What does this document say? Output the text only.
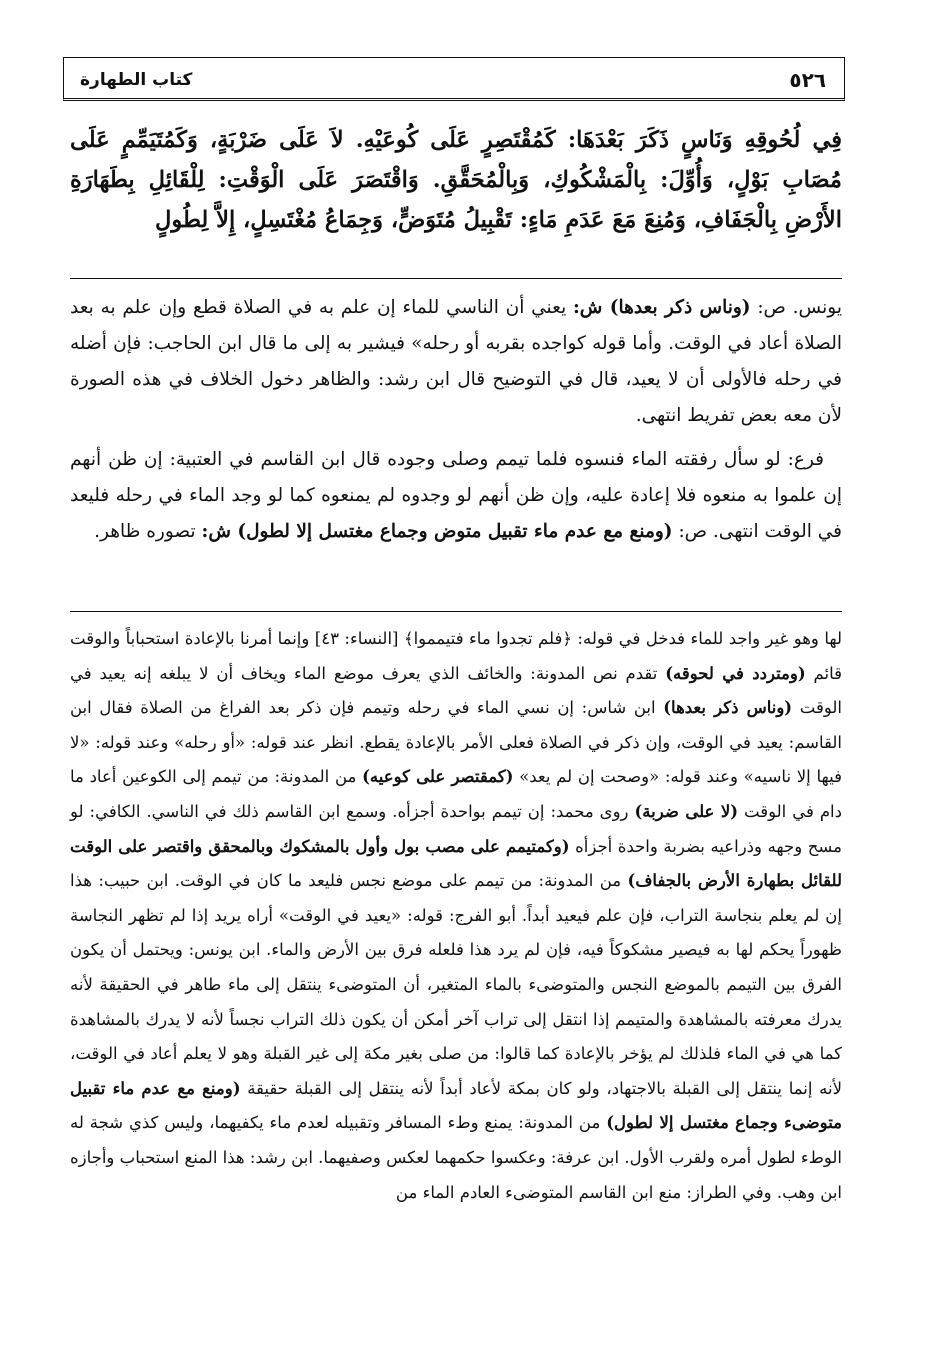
كتاب الطهارة	٥٢٦
فِي لُحُوقِهِ وَنَاسٍ ذَكَرَ بَعْدَهَا: كَمُقْتَصِرٍ عَلَى كُوعَيْهِ. لاَ عَلَى ضَرْبَةٍ، وَكَمُتَيَمِّمٍ عَلَى مُصَابِ بَوْلٍ، وَأُوِّلَ: بِالْمَشْكُوكِ، وَبِالْمُحَقَّقِ. وَاقْتَصَرَ عَلَى الْوَقْتِ: لِلْقَائِلِ بِطَهَارَةِ الأَرْضِ بِالْجَفَافِ، وَمُنِعَ مَعَ عَدَمِ مَاءٍ: تَقْبِيلُ مُتَوَضٍّ، وَجِمَاعُ مُغْتَسِلٍ، إِلاَّ لِطُولٍ

يونس. ص: (وناس ذكر بعدها) ش: يعني أن الناسي للماء إن علم به في الصلاة قطع وإن علم به بعد الصلاة أعاد في الوقت. وأما قوله كواجده بقربه أو رحله» فيشير به إلى ما قال ابن الحاجب: فإن أضله في رحله فالأولى أن لا يعيد، قال في التوضيح قال ابن رشد: والظاهر دخول الخلاف في هذه الصورة لأن معه بعض تفريط انتهى.

فرع: لو سأل رفقته الماء فنسوه فلما تيمم وصلى وجوده قال ابن القاسم في العتبية: إن ظن أنهم إن علموا به منعوه فلا إعادة عليه، وإن ظن أنهم لو وجدوه لم يمنعوه كما لو وجد الماء في رحله فليعد في الوقت انتهى. ص: (ومنع مع عدم ماء تقبيل متوض وجماع مغتسل إلا لطول) ش: تصوره ظاهر.

لها وهو غير واجد للماء فدخل في قوله: ﴿فلم تجدوا ماء فتيمموا﴾ [النساء: ٤٣] وإنما أمرنا بالإعادة استحباباً والوقت قائم (ومتردد في لحوقه) تقدم نص المدونة: والخائف الذي يعرف موضع الماء ويخاف أن لا يبلغه إنه يعيد في الوقت (وناس ذكر بعدها) ابن شاس: إن نسي الماء في رحله وتيمم فإن ذكر بعد الفراغ من الصلاة فقال ابن القاسم: يعيد في الوقت، وإن ذكر في الصلاة فعلى الأمر بالإعادة يقطع. انظر عند قوله: «أو رحله» وعند قوله: «لا فيها إلا ناسيه» وعند قوله: «وصحت إن لم يعد» (كمقتصر على كوعيه) من المدونة: من تيمم إلى الكوعين أعاد ما دام في الوقت (لا على ضربة) روى محمد: إن تيمم بواحدة أجزأه. وسمع ابن القاسم ذلك في الناسي. الكافي: لو مسح وجهه وذراعيه بضربة واحدة أجزأه (وكمتيمم على مصب بول وأول بالمشكوك وبالمحقق واقتصر على الوقت للقائل بطهارة الأرض بالجفاف) من المدونة: من تيمم على موضع نجس فليعد ما كان في الوقت. ابن حبيب: هذا إن لم يعلم بنجاسة التراب، فإن علم فيعيد أبداً. أبو الفرج: قوله: «يعيد في الوقت» أراه يريد إذا لم تظهر النجاسة ظهوراً يحكم لها به فيصير مشكوكاً فيه، فإن لم يرد هذا فلعله فرق بين الأرض والماء. ابن يونس: ويحتمل أن يكون الفرق بين التيمم بالموضع النجس والمتوضىء بالماء المتغير، أن المتوضىء ينتقل إلى ماء طاهر في الحقيقة لأنه يدرك معرفته بالمشاهدة والمتيمم إذا انتقل إلى تراب آخر أمكن أن يكون ذلك التراب نجساً لأنه لا يدرك بالمشاهدة كما هي في الماء فلذلك لم يؤخر بالإعادة كما قالوا: من صلى بغير مكة إلى غير القبلة وهو لا يعلم أعاد في الوقت، لأنه إنما ينتقل إلى القبلة بالاجتهاد، ولو كان بمكة لأعاد أبداً لأنه ينتقل إلى القبلة حقيقة (ومنع مع عدم ماء تقبيل متوضىء وجماع مغتسل إلا لطول) من المدونة: يمنع وطء المسافر وتقبيله لعدم ماء يكفيهما، وليس كذي شجة له الوطء لطول أمره ولقرب الأول. ابن عرفة: وعكسوا حكمهما لعكس وصفيهما. ابن رشد: هذا المنع استحباب وأجازه ابن وهب. وفي الطراز: منع ابن القاسم المتوضىء العادم الماء من
